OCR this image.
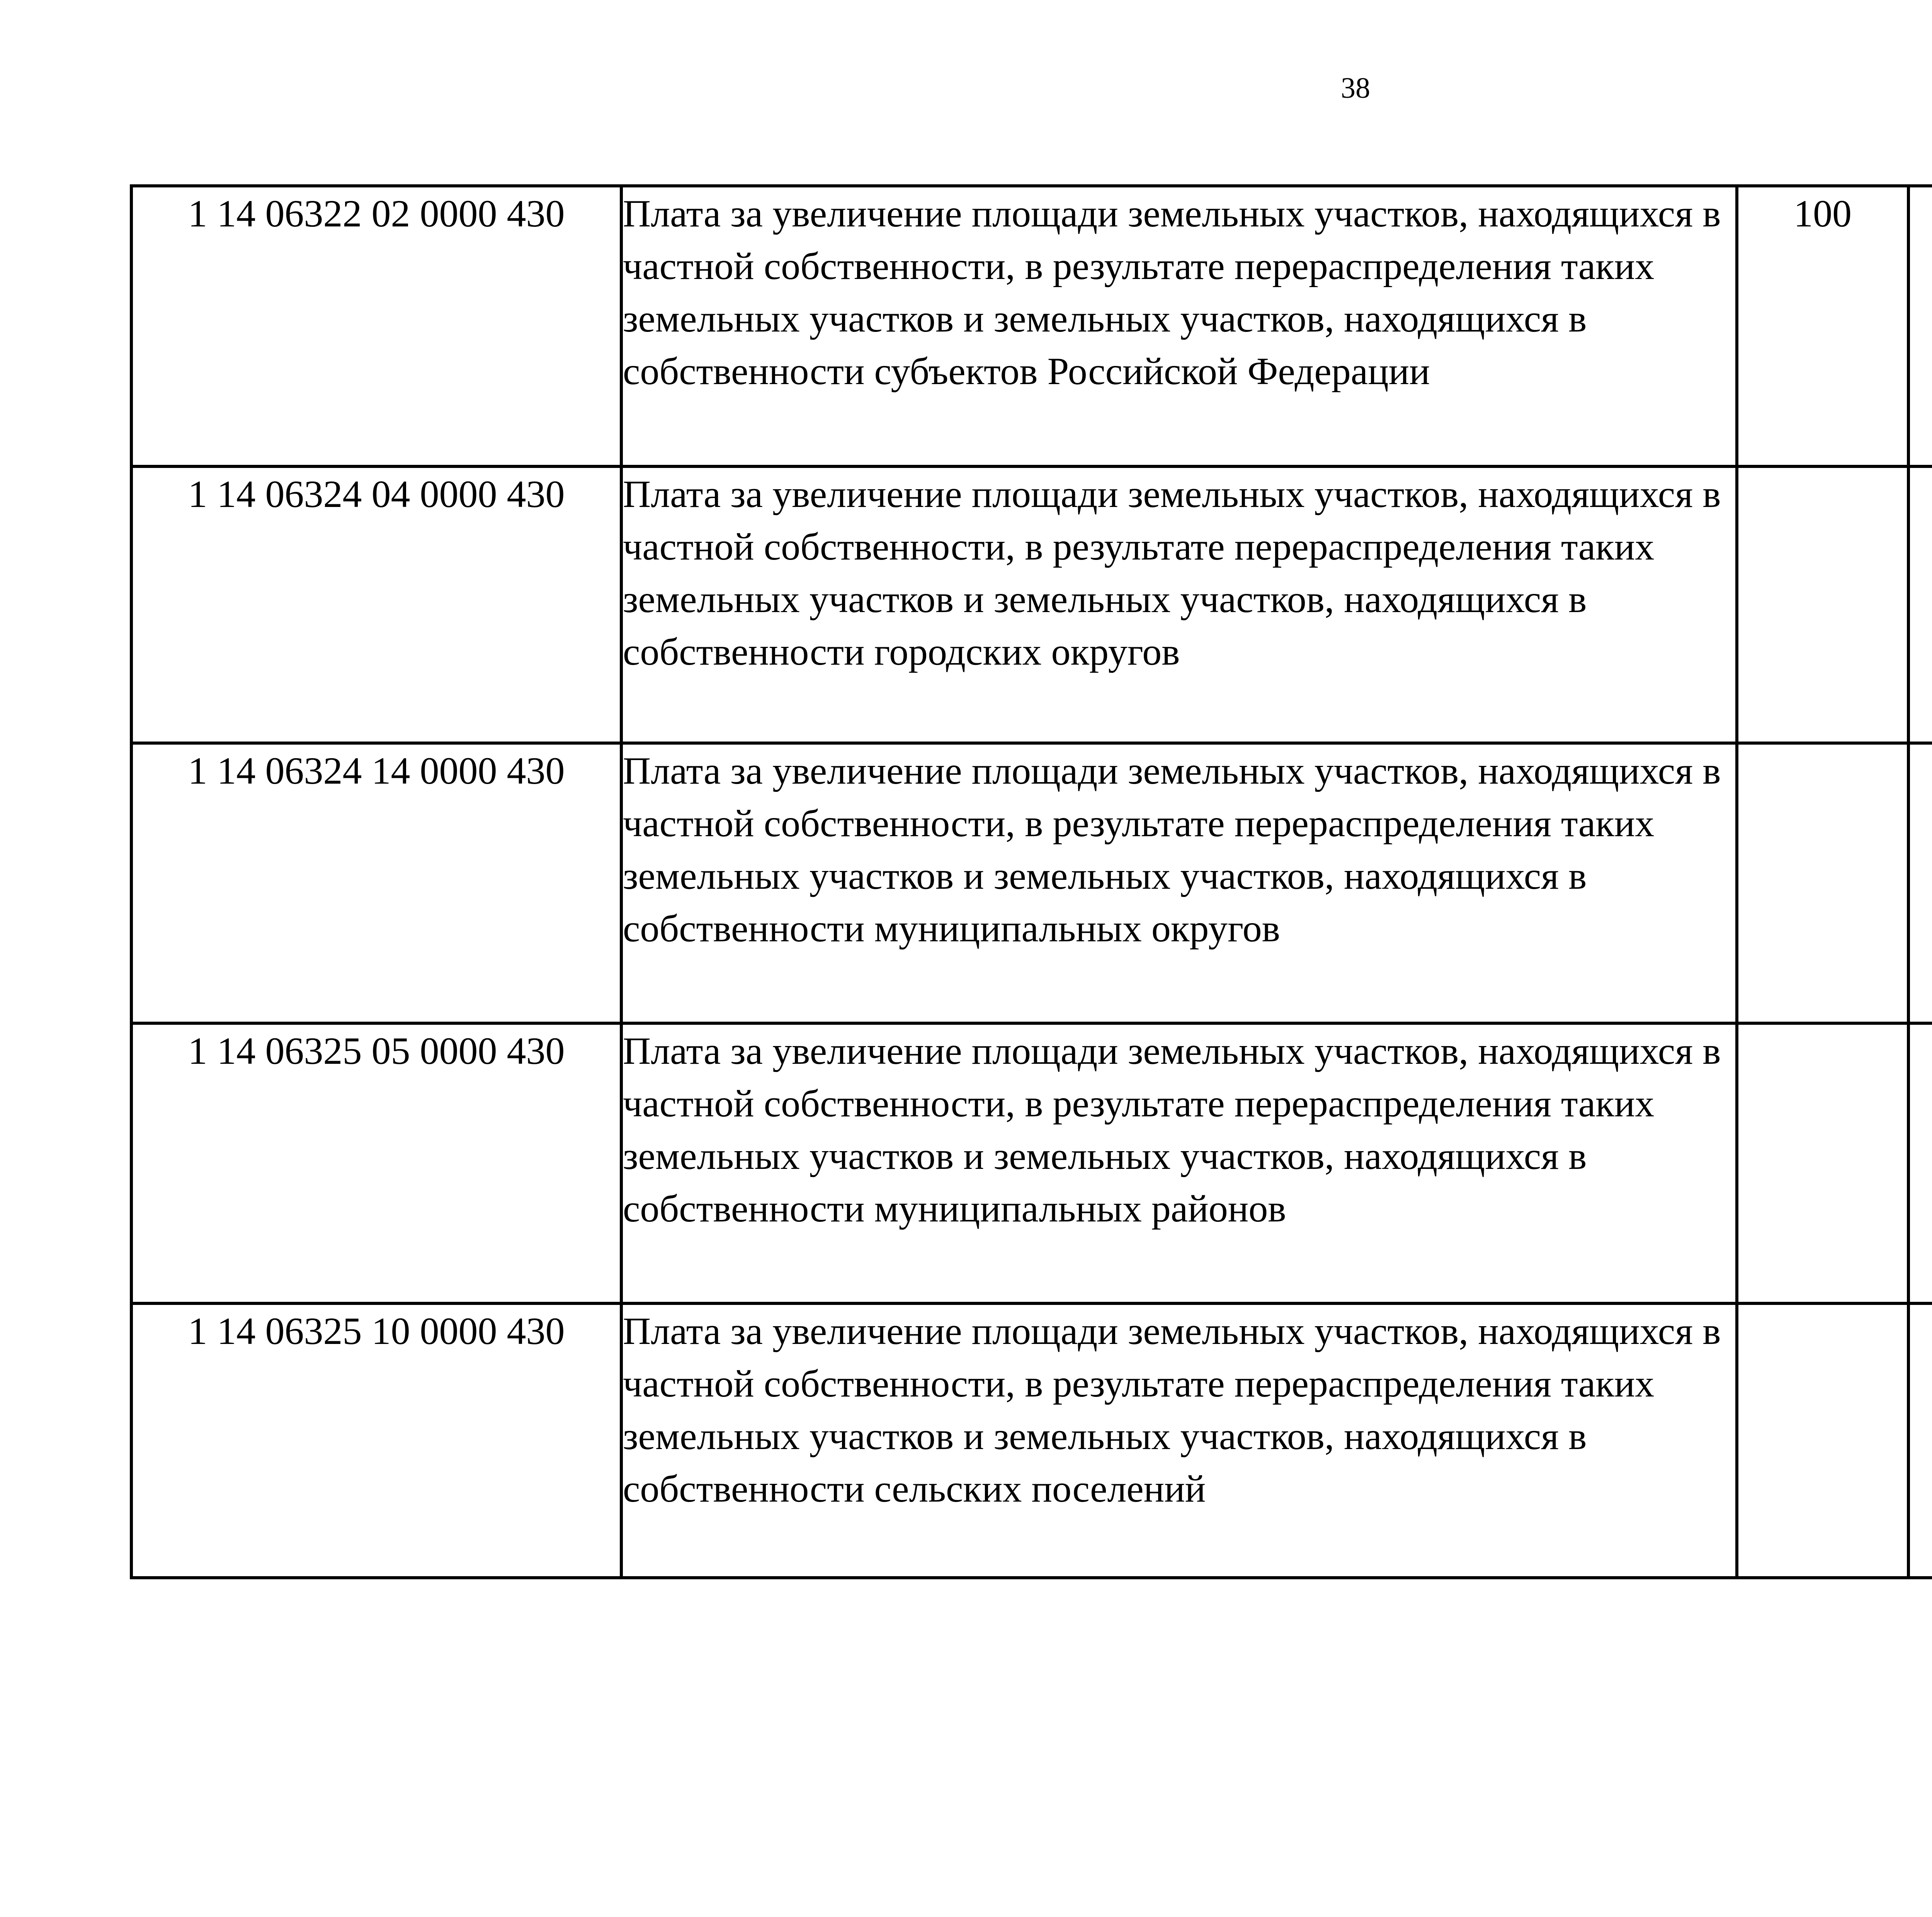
38
1 14 06322 02 0000 430	Плата за увеличение площади земельных участков, находящихся в частной собственности, в результате перераспределения таких земельных участков и земельных участков, находящихся в собственности субъектов Российской Федерации	100				
1 14 06324 04 0000 430	Плата за увеличение площади земельных участков, находящихся в частной собственности, в результате перераспределения таких земельных участков и земельных участков, находящихся в собственности городских округов					
1 14 06324 14 0000 430	Плата за увеличение площади земельных участков, находящихся в частной собственности, в результате перераспределения таких земельных участков и земельных участков, находящихся в собственности муниципальных округов					
1 14 06325 05 0000 430	Плата за увеличение площади земельных участков, находящихся в частной собственности, в результате перераспределения таких земельных участков и земельных участков, находящихся в собственности муниципальных районов					
1 14 06325 10 0000 430	Плата за увеличение площади земельных участков, находящихся в частной собственности, в результате перераспределения таких земельных участков и земельных участков, находящихся в собственности сельских поселений					
